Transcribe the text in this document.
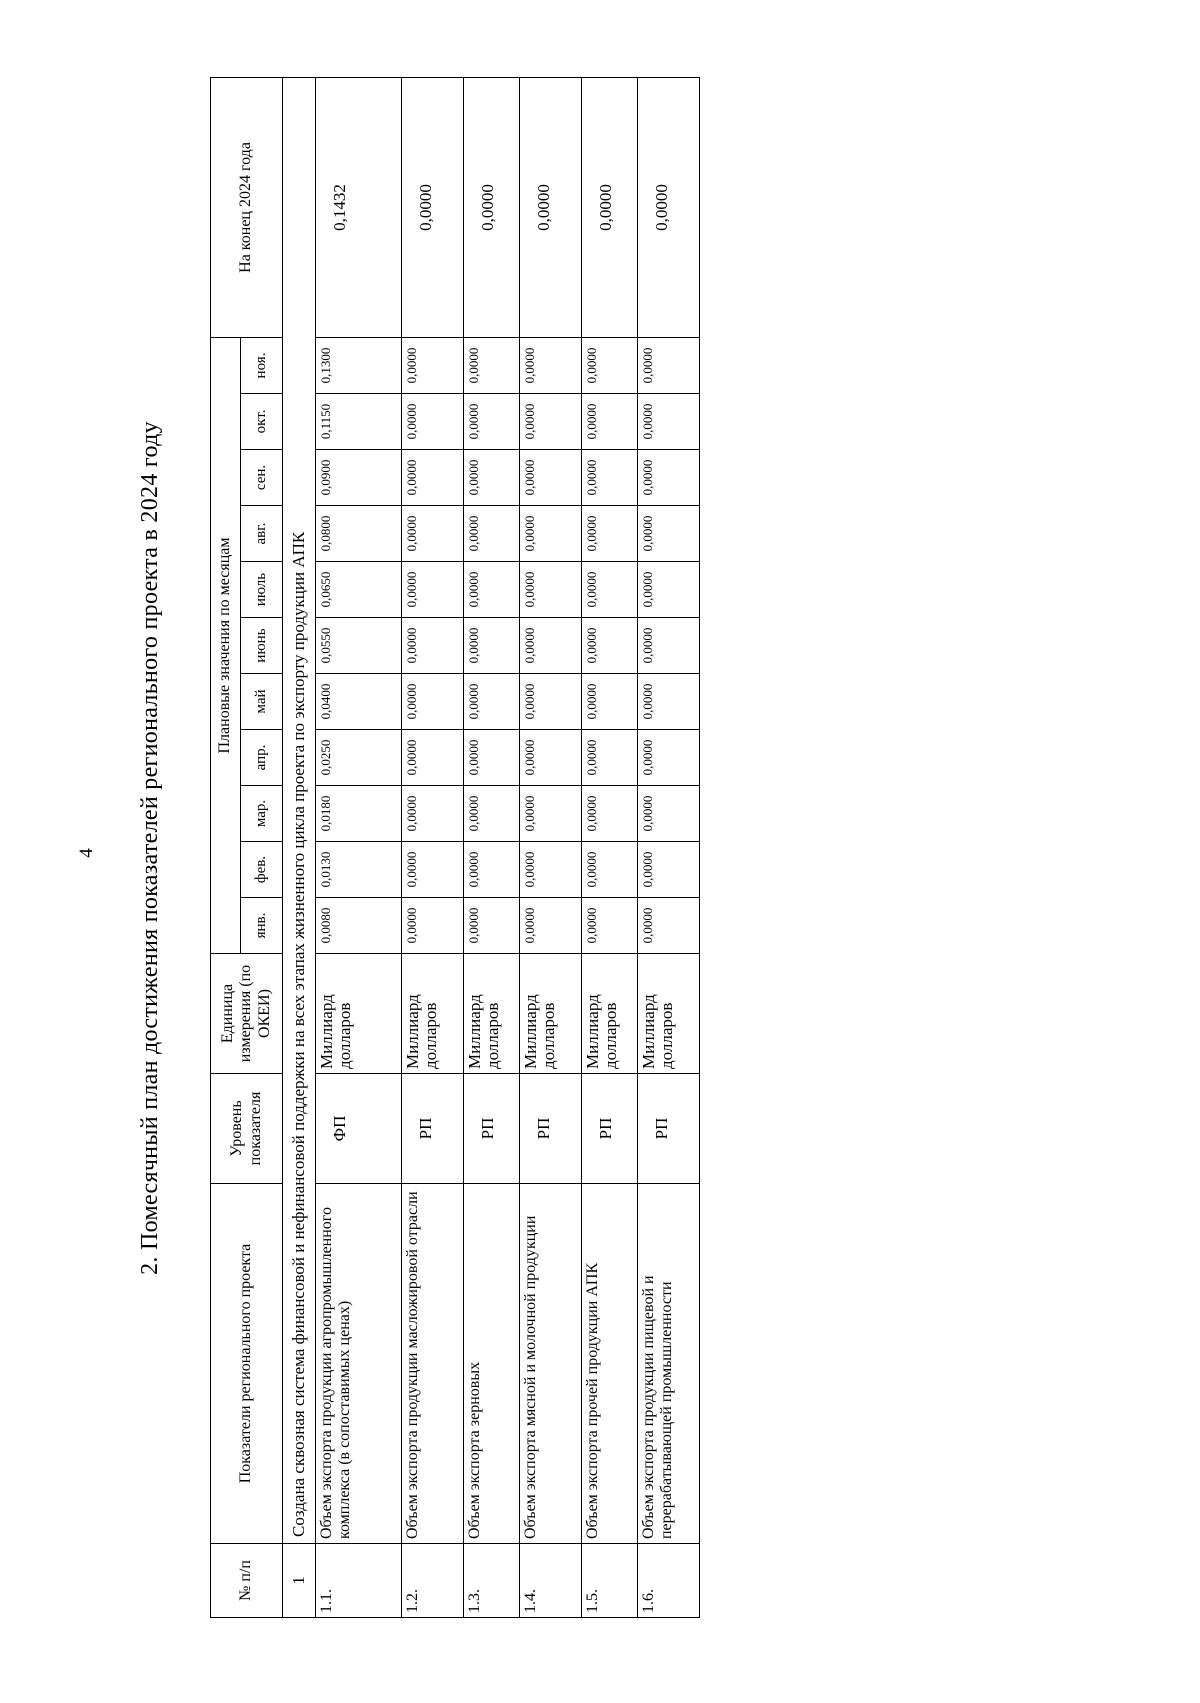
4 2. Помесячный план достижения показателей регионального проекта в 2024 году
№ п/п	Показатели регионального проекта	Уровень показателя	Единица измерения (по ОКЕИ)	Плановые значения по месяцам											На конец 2024 года
				янв.	фев.	мар.	апр.	май	июнь	июль	авг.	сен.	окт.	ноя.	
1	Создана сквозная система финансовой и нефинансовой поддержки на всех этапах жизненного цикла проекта по экспорту продукции АПК														
1.1.	Объем экспорта продукции агропромышленного комплекса (в сопоставимых ценах)	ФП	Миллиард долларов	0,0080	0,0130	0,0180	0,0250	0,0400	0,0550	0,0650	0,0800	0,0900	0,1150	0,1300	0,1432
1.2.	Объем экспорта продукции масложировой отрасли	РП	Миллиард долларов	0,0000	0,0000	0,0000	0,0000	0,0000	0,0000	0,0000	0,0000	0,0000	0,0000	0,0000	0,0000
1.3.	Объем экспорта зерновых	РП	Миллиард долларов	0,0000	0,0000	0,0000	0,0000	0,0000	0,0000	0,0000	0,0000	0,0000	0,0000	0,0000	0,0000
1.4.	Объем экспорта мясной и молочной продукции	РП	Миллиард долларов	0,0000	0,0000	0,0000	0,0000	0,0000	0,0000	0,0000	0,0000	0,0000	0,0000	0,0000	0,0000
1.5.	Объем экспорта прочей продукции АПК	РП	Миллиард долларов	0,0000	0,0000	0,0000	0,0000	0,0000	0,0000	0,0000	0,0000	0,0000	0,0000	0,0000	0,0000
1.6.	Объем экспорта продукции пищевой и перерабатывающей промышленности	РП	Миллиард долларов	0,0000	0,0000	0,0000	0,0000	0,0000	0,0000	0,0000	0,0000	0,0000	0,0000	0,0000	0,0000
